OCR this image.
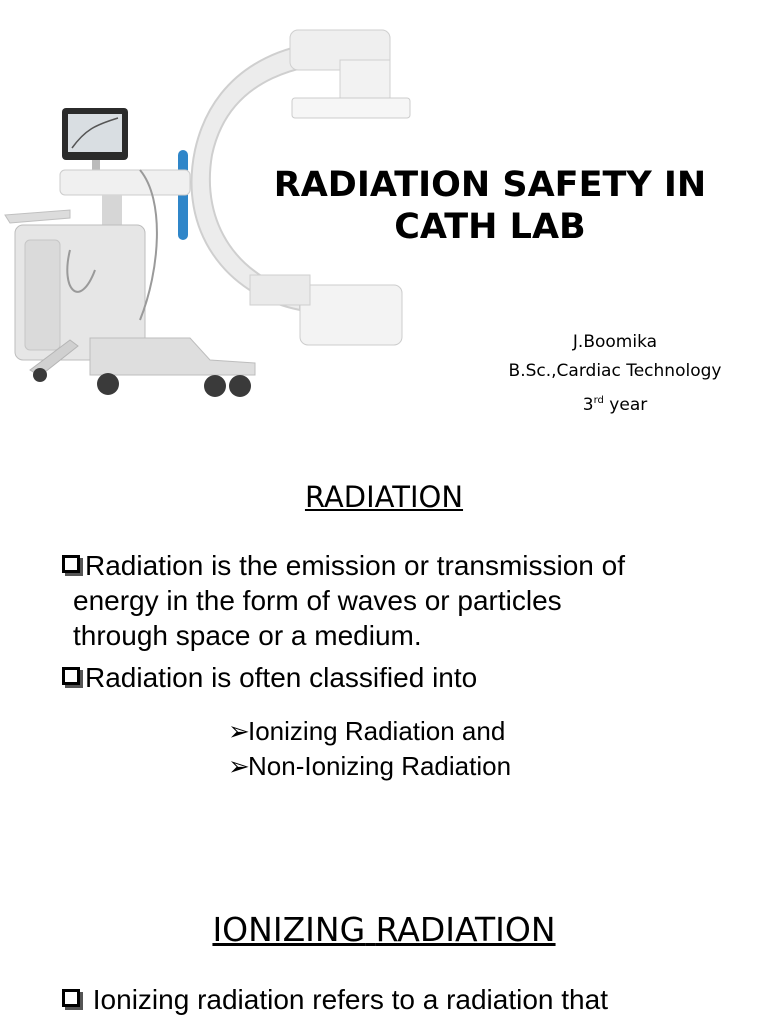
RADIATION SAFETY IN CATH LAB
J.Boomika
B.Sc.,Cardiac Technology
3rd year
RADIATION
Radiation is the emission or transmission of
energy in the form of waves or particles
through space or a medium.
Radiation is often classified into
➢Ionizing Radiation and
➢Non-Ionizing Radiation
IONIZING RADIATION
Ionizing radiation refers to a radiation that
